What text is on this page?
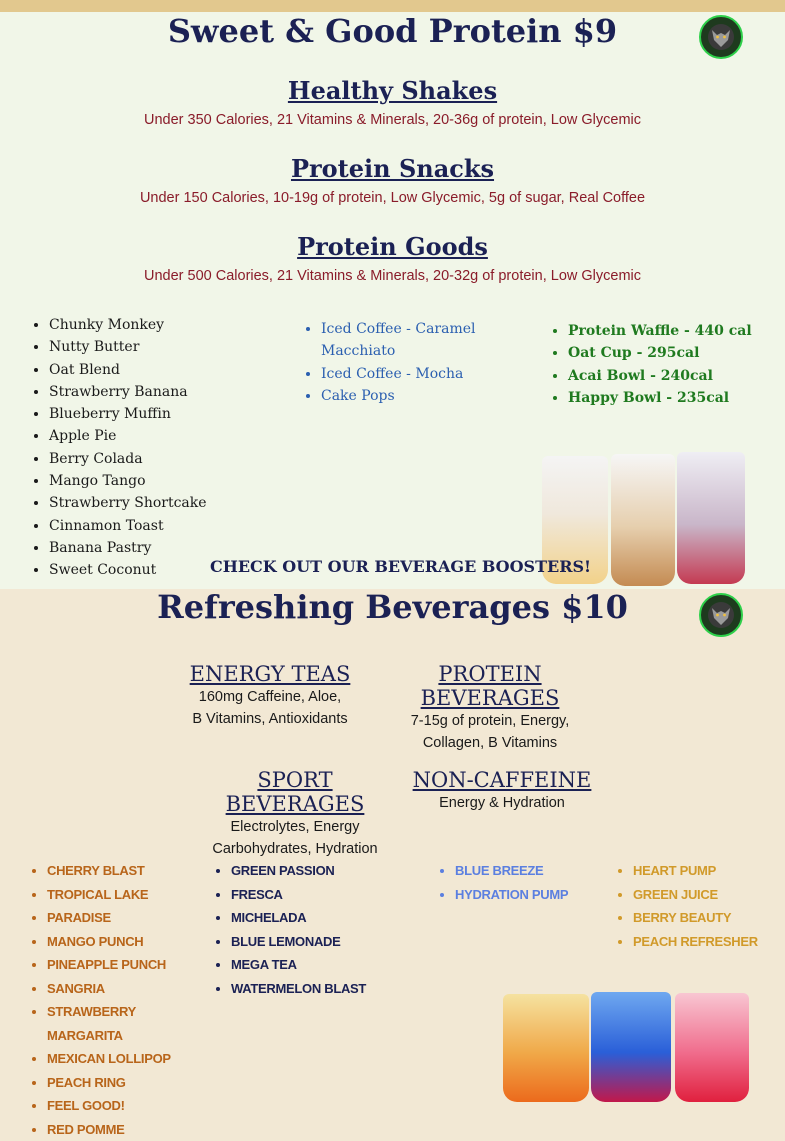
Sweet & Good Protein $9
Healthy Shakes
Under 350 Calories, 21 Vitamins & Minerals, 20-36g of protein, Low Glycemic
Protein Snacks
Under 150 Calories, 10-19g of protein, Low Glycemic, 5g of sugar, Real Coffee
Protein Goods
Under 500 Calories, 21 Vitamins & Minerals, 20-32g of protein, Low Glycemic
• Chunky Monkey
• Nutty Butter
• Oat Blend
• Strawberry Banana
• Blueberry Muffin
• Apple Pie
• Berry Colada
• Mango Tango
• Strawberry Shortcake
• Cinnamon Toast
• Banana Pastry
• Sweet Coconut
• Iced Coffee - Caramel Macchiato
• Iced Coffee - Mocha
• Cake Pops
• Protein Waffle - 440 cal
• Oat Cup - 295cal
• Acai Bowl - 240cal
• Happy Bowl - 235cal
CHECK OUT OUR BEVERAGE BOOSTERS!
Refreshing Beverages $10
ENERGY TEAS
160mg Caffeine, Aloe,
B Vitamins, Antioxidants
PROTEIN BEVERAGES
7-15g of protein, Energy,
Collagen, B Vitamins
SPORT BEVERAGES
Electrolytes, Energy
Carbohydrates, Hydration
NON-CAFFEINE
Energy & Hydration
• CHERRY BLAST
• TROPICAL LAKE
• PARADISE
• MANGO PUNCH
• PINEAPPLE PUNCH
• SANGRIA
• STRAWBERRY MARGARITA
• MEXICAN LOLLIPOP
• PEACH RING
• FEEL GOOD!
• RED POMME
• GREEN PASSION
• FRESCA
• MICHELADA
• BLUE LEMONADE
• MEGA TEA
• WATERMELON BLAST
• BLUE BREEZE
• HYDRATION PUMP
• HEART PUMP
• GREEN JUICE
• BERRY BEAUTY
• PEACH REFRESHER
